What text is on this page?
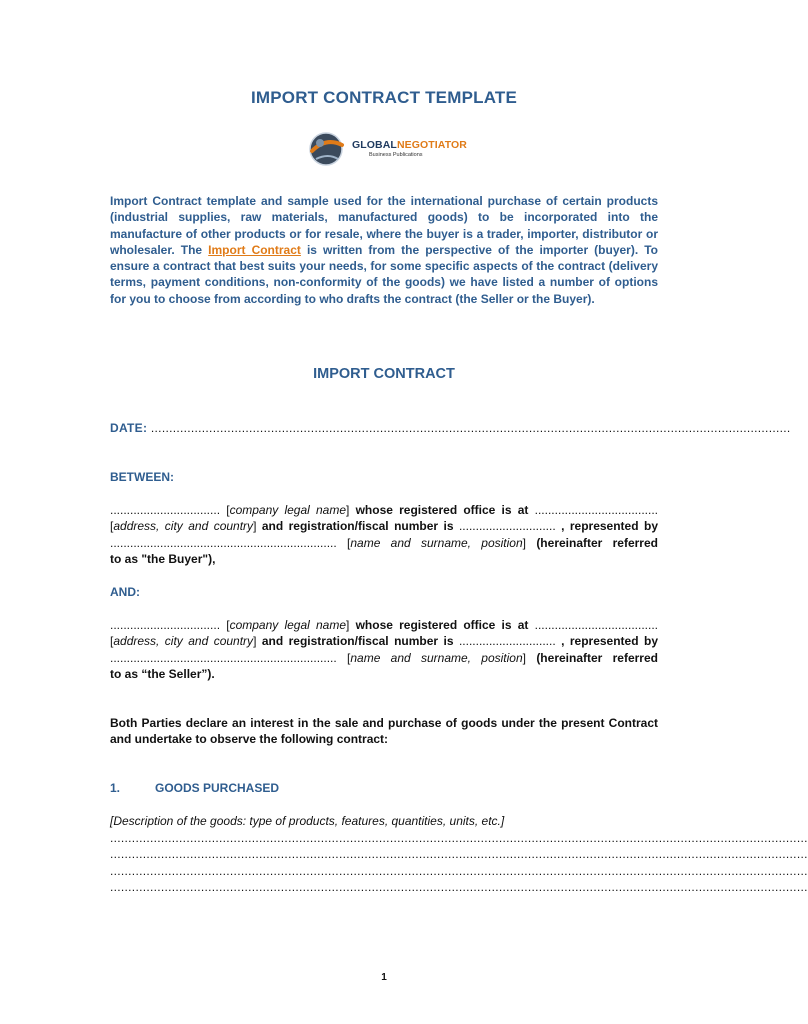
IMPORT CONTRACT TEMPLATE
GLOBALNEGOTIATOR
Business Publications
Import Contract template and sample used for the international purchase of certain products (industrial supplies, raw materials, manufactured goods) to be incorporated into the manufacture of other products or for resale, where the buyer is a trader, importer, distributor or wholesaler. The Import Contract is written from the perspective of the importer (buyer). To ensure a contract that best suits your needs, for some specific aspects of the contract (delivery terms, payment conditions, non-conformity of the goods) we have listed a number of options for you to choose from according to who drafts the contract (the Seller or the Buyer).
IMPORT CONTRACT
DATE: ................................................................................................................................................................................
BETWEEN:
................................. [company legal name] whose registered office is at .....................................
[address, city and country] and registration/fiscal number is ............................. , represented by
.................................................................... [name and surname, position] (hereinafter referred
to as "the Buyer"),
AND:
................................. [company legal name] whose registered office is at .....................................
[address, city and country] and registration/fiscal number is ............................. , represented by
.................................................................... [name and surname, position] (hereinafter referred
to as “the Seller”).
Both Parties declare an interest in the sale and purchase of goods under the present Contract and undertake to observe the following contract:
1.	GOODS PURCHASED
[Description of the goods: type of products, features, quantities, units, etc.]
................................................................................................................................................................................................
................................................................................................................................................................................................
................................................................................................................................................................................................
................................................................................................................................................................................................
1
